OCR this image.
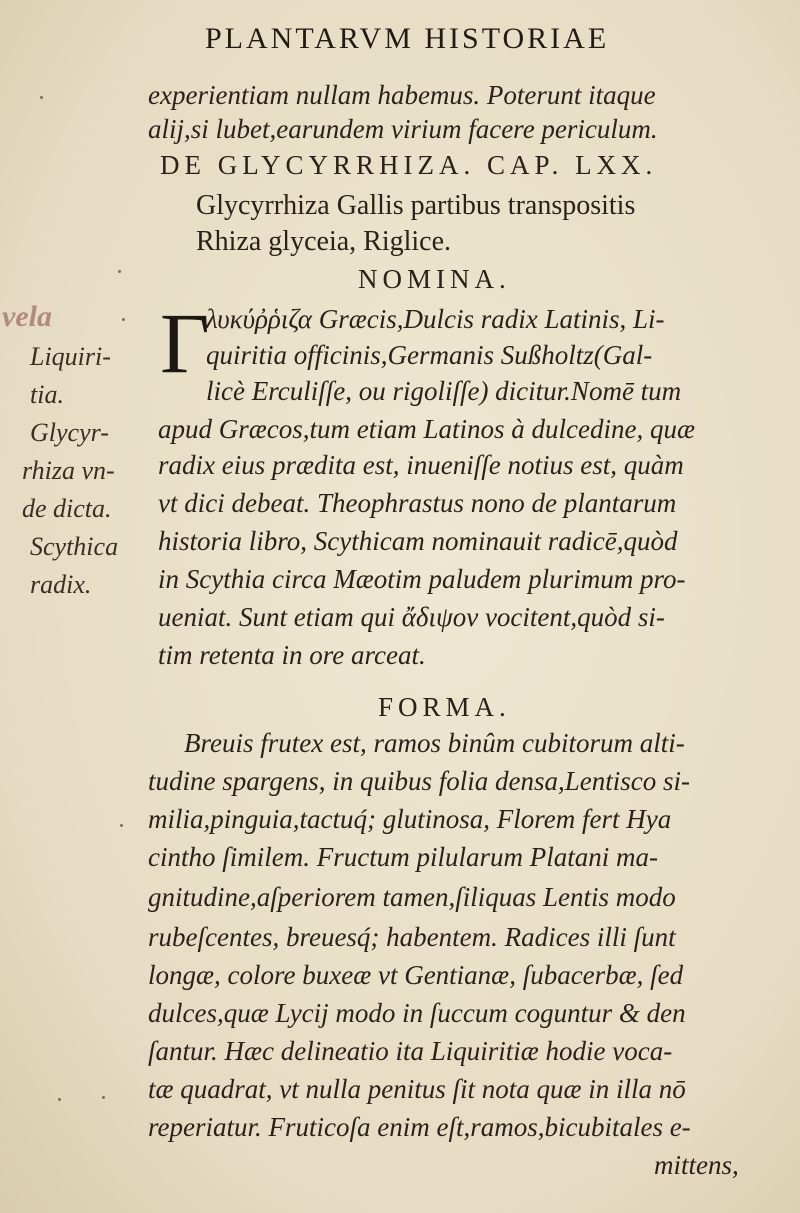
PLANTARVM HISTORIAE
experientiam nullam habemus. Poterunt itaque
alij,si lubet,earundem virium facere periculum.
DE GLYCYRRHIZA. CAP. LXX.
Glycyrrhiza Gallis partibus transpositis
Rhiza glyceia, Riglice.
NOMINA.
Γ
λυκύῤῥιζα Græcis,Dulcis radix Latinis, Li-
quiritia officinis,Germanis Sußholtz(Gal-
licè Erculiſſe, ou rigoliſſe) dicitur.Nomē tum
apud Græcos,tum etiam Latinos à dulcedine, quæ
radix eius prædita est, inueniſſe notius est, quàm
vt dici debeat. Theophrastus nono de plantarum
historia libro, Scythicam nominauit radicē,quòd
in Scythia circa Mæotim paludem plurimum pro-
ueniat. Sunt etiam qui ἄδιψον vocitent,quòd si-
tim retenta in ore arceat.
FORMA.
Breuis frutex est, ramos binûm cubitorum alti-
tudine spargens, in quibus folia densa,Lentisco si-
milia,pinguia,tactuq́; glutinosa, Florem fert Hya
cintho ſimilem. Fructum pilularum Platani ma-
gnitudine,aſperiorem tamen,ſiliquas Lentis modo
rubeſcentes, breuesq́; habentem. Radices illi ſunt
longæ, colore buxeæ vt Gentianæ, ſubacerbæ, ſed
dulces,quæ Lycij modo in ſuccum coguntur & den
ſantur. Hæc delineatio ita Liquiritiæ hodie voca-
tæ quadrat, vt nulla penitus ſit nota quæ in illa nō
reperiatur. Fruticoſa enim eſt,ramos,bicubitales e-
mittens,
vela
Liquiri-
tia.
Glycyr-
rhiza vn-
de dicta.
Scythica
radix.
